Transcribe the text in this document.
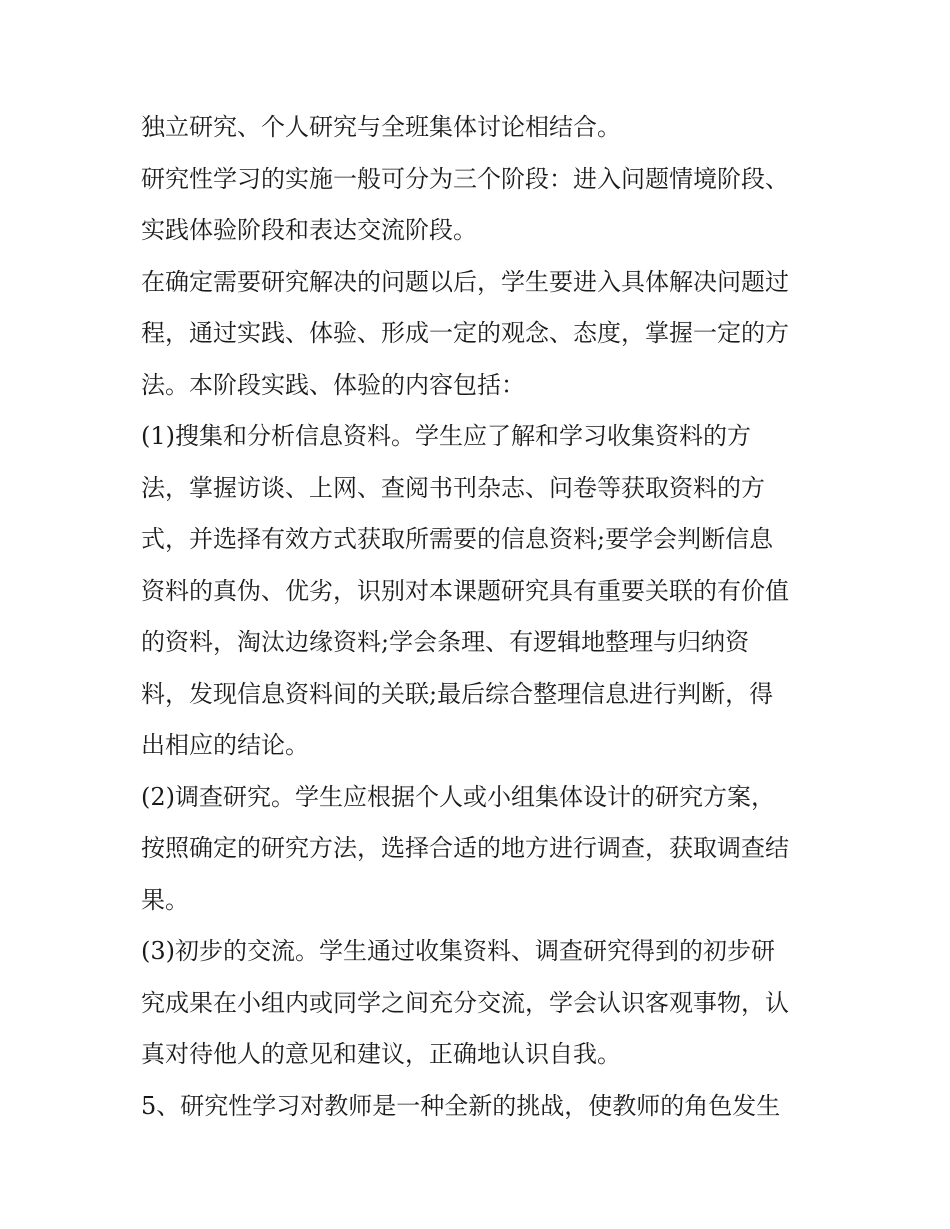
独立研究、个人研究与全班集体讨论相结合。
研究性学习的实施一般可分为三个阶段：进入问题情境阶段、
实践体验阶段和表达交流阶段。
在确定需要研究解决的问题以后，学生要进入具体解决问题过
程，通过实践、体验、形成一定的观念、态度，掌握一定的方
法。本阶段实践、体验的内容包括：
(1)搜集和分析信息资料。学生应了解和学习收集资料的方
法，掌握访谈、上网、查阅书刊杂志、问卷等获取资料的方
式，并选择有效方式获取所需要的信息资料;要学会判断信息
资料的真伪、优劣，识别对本课题研究具有重要关联的有价值
的资料，淘汰边缘资料;学会条理、有逻辑地整理与归纳资
料，发现信息资料间的关联;最后综合整理信息进行判断，得
出相应的结论。
(2)调查研究。学生应根据个人或小组集体设计的研究方案，
按照确定的研究方法，选择合适的地方进行调查，获取调查结
果。
(3)初步的交流。学生通过收集资料、调查研究得到的初步研
究成果在小组内或同学之间充分交流，学会认识客观事物，认
真对待他人的意见和建议，正确地认识自我。
5、研究性学习对教师是一种全新的挑战，使教师的角色发生
